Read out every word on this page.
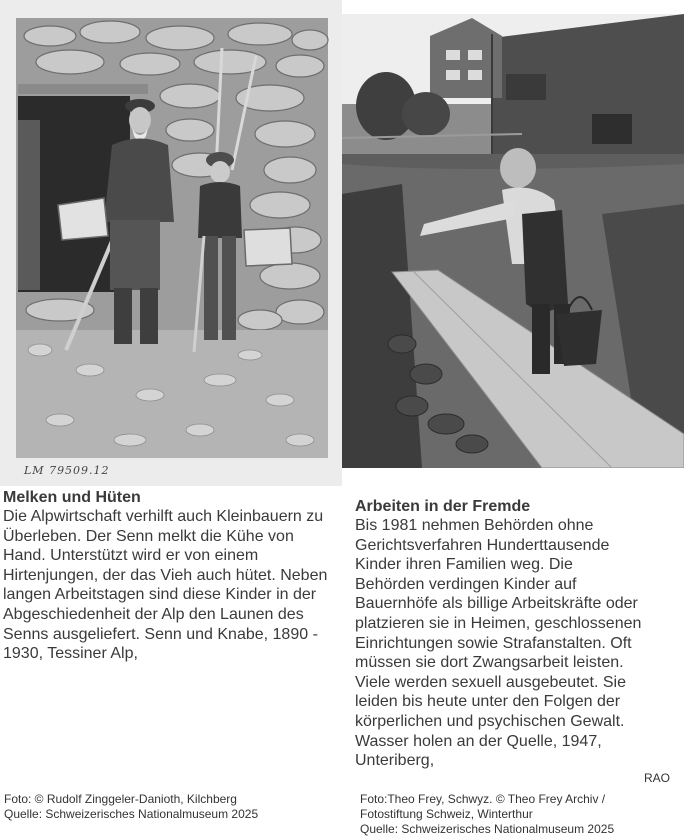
LM 79509.12
Melken und Hüten

Die Alpwirtschaft verhilft auch Kleinbauern zu Überleben. Der Senn melkt die Kühe von Hand. Unterstützt wird er von einem Hirtenjungen, der das Vieh auch hütet. Neben langen Arbeitstagen sind diese Kinder in der Abgeschiedenheit der Alp den Launen des Senns ausgeliefert. Senn und Knabe, 1890 - 1930, Tessiner Alp,

Arbeiten in der Fremde

Bis 1981 nehmen Behörden ohne

Gerichtsverfahren Hunderttausende

Kinder ihren Familien weg. Die

Behörden verdingen Kinder auf

Bauernhöfe als billige Arbeitskräfte oder

platzieren sie in Heimen, geschlossenen

Einrichtungen sowie Strafanstalten. Oft

müssen sie dort Zwangsarbeit leisten.

Viele werden sexuell ausgebeutet. Sie

leiden bis heute unter den Folgen der

körperlichen und psychischen Gewalt.

Wasser holen an der Quelle, 1947,

Unteriberg,

RAO
Foto: © Rudolf Zinggeler-Danioth, Kilchberg
Quelle: Schweizerisches Nationalmuseum 2025
Foto:Theo Frey, Schwyz. © Theo Frey Archiv /
Fotostiftung Schweiz, Winterthur
Quelle: Schweizerisches Nationalmuseum 2025
